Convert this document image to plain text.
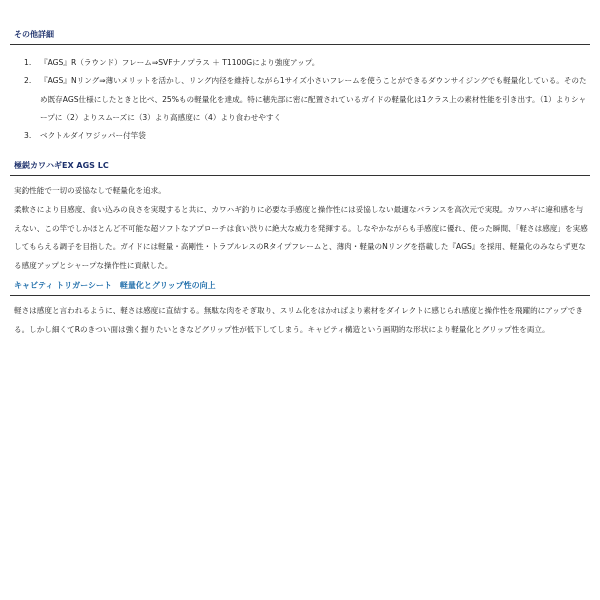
その他詳細
1.	『AGS』R（ラウンド）フレーム⇒SVFナノプラス ＋ T1100Gにより強度アップ。
2.	『AGS』Nリング⇒薄いメリットを活かし、リング内径を維持しながら1サイズ小さいフレームを使うことができるダウンサイジングでも軽量化している。そのため既存AGS仕様にしたときと比べ、25%もの軽量化を達成。特に穂先部に密に配置されているガイドの軽量化は1クラス上の素材性能を引き出す。（1）よりシャープに（2）よりスムーズに（3）より高感度に（4）より食わせやすく
3.	ベクトルダイワジッパー付竿袋
極鋭カワハギEX AGS LC
実釣性能で一切の妥協なしで軽量化を追求。
柔軟さにより目感度、食い込みの良さを実現すると共に、カワハギ釣りに必要な手感度と操作性には妥協しない最適なバランスを高次元で実現。カワハギに違和感を与えない、この竿でしかほとんど不可能な超ソフトなアプローチは食い渋りに絶大な威力を発揮する。しなやかながらも手感度に優れ、使った瞬間、「軽さは感度」を実感してもらえる調子を目指した。ガイドには軽量・高剛性・トラブルレスのRタイプフレームと、薄肉・軽量のNリングを搭載した『AGS』を採用、軽量化のみならず更なる感度アップとシャープな操作性に貢献した。
キャビティ トリガーシート　軽量化とグリップ性の向上
軽さは感度と言われるように、軽さは感度に直結する。無駄な肉をそぎ取り、スリム化をはかればより素材をダイレクトに感じられ感度と操作性を飛躍的にアップできる。しかし細くてRのきつい面は強く握りたいときなどグリップ性が低下してしまう。キャビティ構造という画期的な形状により軽量化とグリップ性を両立。
